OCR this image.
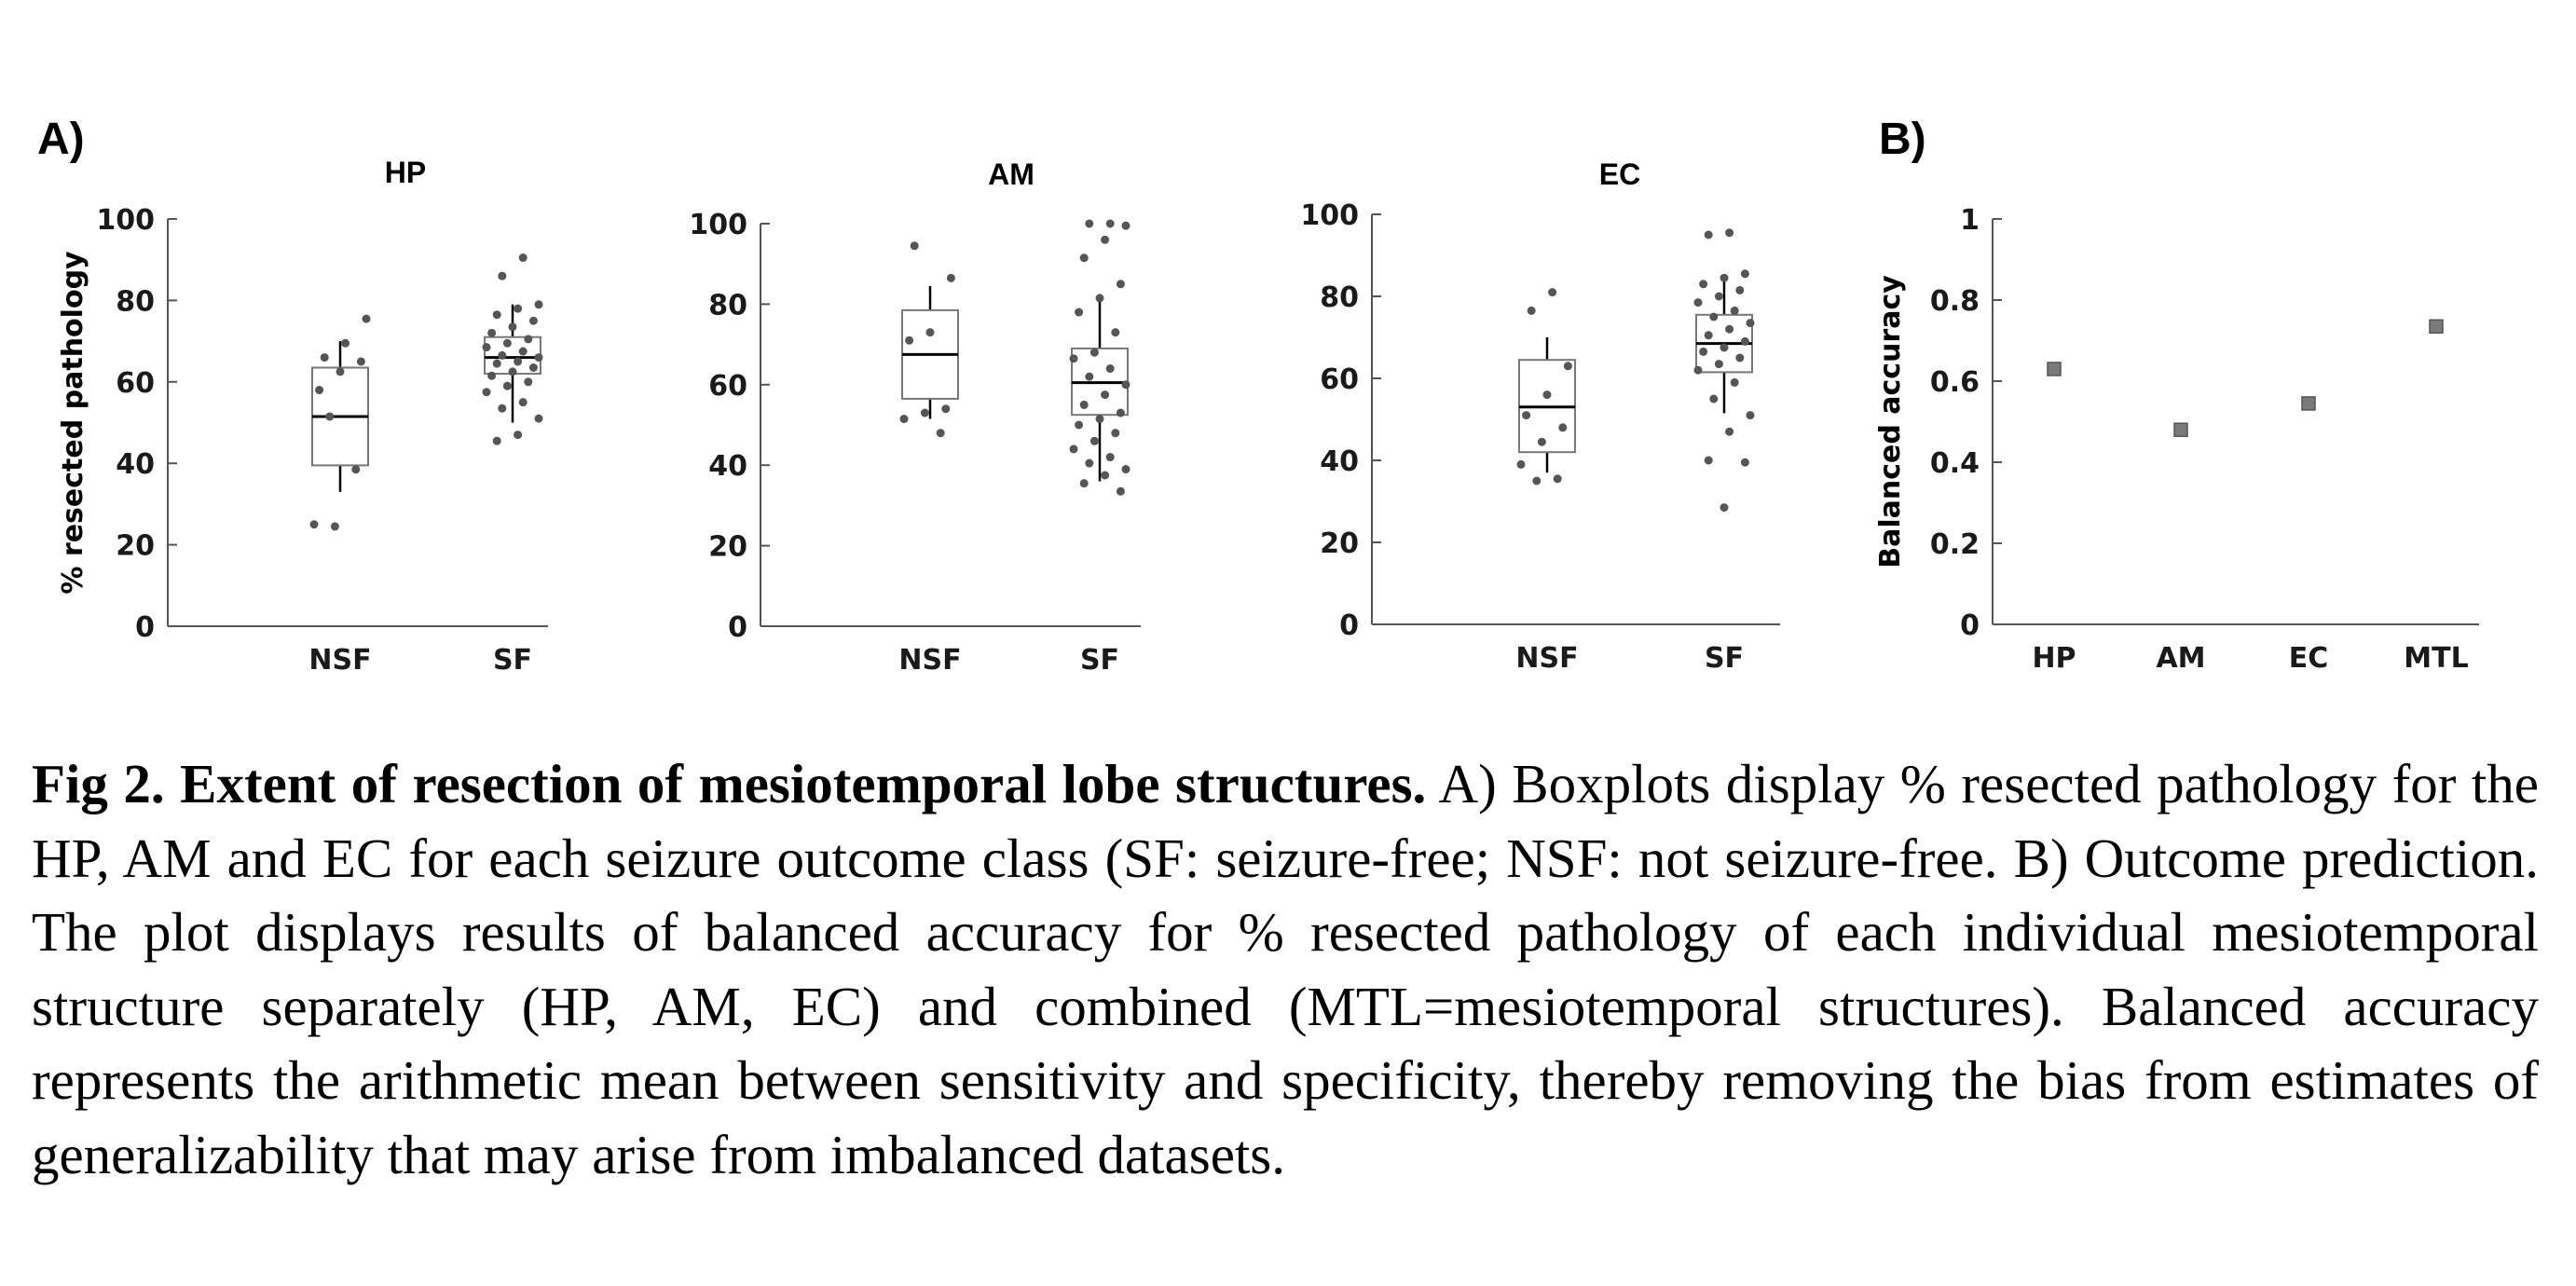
A)	B)
0
20
40
60
80
100
NSF	SF
HP
% resected pathology
0
20
40
60
80
100
NSF	SF
AM
0
20
40
60
80
100
NSF	SF
EC
0
0.2
0.4
0.6
0.8
1
HP	AM	EC	MTL
Balanced accuracy
Fig 2. Extent of resection of mesiotemporal lobe structures. A) Boxplots display % resected pathology for the HP, AM and EC for each seizure outcome class (SF: seizure-free; NSF: not seizure-free. B) Outcome prediction. The plot displays results of balanced accuracy for % resected pathology of each individual mesiotemporal structure separately (HP, AM, EC) and combined (MTL=mesiotemporal structures). Balanced accuracy represents the arithmetic mean between sensitivity and specificity, thereby removing the bias from estimates of generalizability that may arise from imbalanced datasets.
